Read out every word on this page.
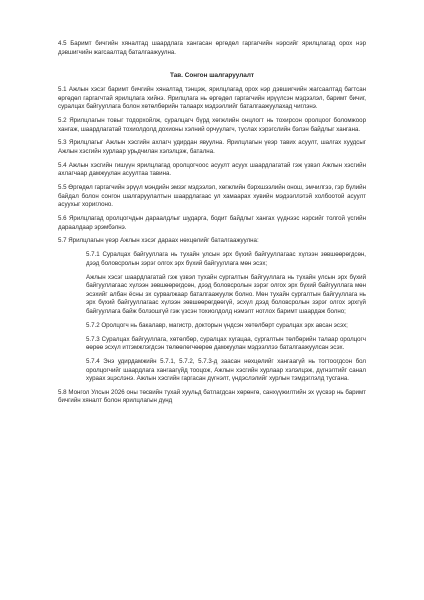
4.5 Баримт бичгийн хяналтад шаардлага хангасан өргөдөл гаргагчийн нэрсийг ярилцлагад орох нэр дэвшигчийн жагсаалтад баталгаажуулна.

Тав. Сонгон шалгаруулалт

5.1 Ажлын хэсэг баримт бичгийн хяналтад тэнцэж, ярилцлагад орох нэр дэвшигчийн жагсаалтад багтсан өргөдөл гаргагчтай ярилцлага хийнэ. Ярилцлага нь өргөдөл гаргагчийн ирүүлсэн мэдээлэл, баримт бичиг, суралцах байгууллага болон хөтөлбөрийн талаарх мэдээллийг баталгаажуулахад чиглэнэ.

5.2 Ярилцлагын товыг тодорхойлж, суралцагч бүрд хөгжлийн онцлогт нь тохирсон оролцоог боломжоор хангаж, шаардлагатай тохиолдолд дохионы хэлний орчуулагч, туслах хэрэгслийн бэлэн байдлыг хангана.

5.3 Ярилцлагыг Ажлын хэсгийн ахлагч удирдан явуулна. Ярилцлагын үеэр тавих асуулт, шалгах хуудсыг Ажлын хэсгийн хурлаар урьдчилан хэлэлцэж, батална.

5.4 Ажлын хэсгийн гишүүн ярилцлагад оролцогчоос асуулт асуух шаардлагатай гэж үзвэл Ажлын хэсгийн ахлагчаар дамжуулан асуултаа тавина.

5.5 Өргөдөл гаргагчийн эрүүл мэндийн эмзэг мэдээлэл, хөгжлийн бэрхшээлийн онош, эмчилгээ, гэр бүлийн байдал болон сонгон шалгаруулалтын шаардлагаас ул хамаарах хувийн мэдээллэтэй холбоотой асуулт асуухыг хориглоно.

5.6 Ярилцлагад оролцогчдын дараалдлыг шударга, бодит байдлыг хангах үүднээс нэрсийг толгой үсгийн дараалдаар эрэмбэлнэ.

5.7 Ярилцлагын үеэр Ажлын хэсэг дараах нөхцөлийг баталгаажуулна:

5.7.1 Суралцах байгууллага нь тухайн улсын эрх бүхий байгууллагаас хүлээн зөвшөөрөгдсөн, дээд боловсролын зэрэг олгох эрх бүхий байгууллага мөн эсэх;

Ажлын хэсэг шаардлагатай гэж үзвэл тухайн сургалтын байгууллага нь тухайн улсын эрх бүхий байгууллагаас хүлээн зөвшөөрөгдсөн, дээд боловсролын зэрэг олгох эрх бүхий байгууллага мөн эсэхийг албан ёсны эх сурвалжаар баталгаажуулж болно. Мөн тухайн сургалтын байгууллага нь эрх бүхий байгууллагаас хүлээн зөвшөөрөгдөөгүй, эсхүл дээд боловсролын зэрэг олгох эрхгүй байгууллага байж болзошгүй гэж үзсэн тохиолдолд нэмэлт нотлох баримт шаардаж болно;

5.7.2 Оролцогч нь бакалавр, магистр, докторын үндсэн хөтөлбөрт суралцах эрх авсан эсэх;

5.7.3 Суралцах байгууллага, хөтөлбөр, суралцах хугацаа, сургалтын төлбөрийн талаар оролцогч өөрөө эсхүл итгэмжлэгдсэн төлөөлөгчөөрөө дамжуулан мэдээллээ баталгаажуулсан эсэх.

5.7.4 Энэ удирдамжийн 5.7.1, 5.7.2, 5.7.3-д заасан нөхцөлийг хангаагүй нь тогтоогдсон бол оролцогчийг шаардлага хангаагүйд тооцож, Ажлын хэсгийн хурлаар хэлэлцэж, дүгнэлтийг санал хураах эцэслэнэ. Ажлын хэсгийн гаргасан дүгнэлт, үндэслэлийг хурлын тэмдэглэлд тусгана.

5.8 Монгол Улсын 2026 оны төсвийн тухай хуульд батлагдсан хөрөнгө, санхүүжилтийн эх үүсвэр нь баримт бичгийн хяналт болон ярилцлагын дүнд
